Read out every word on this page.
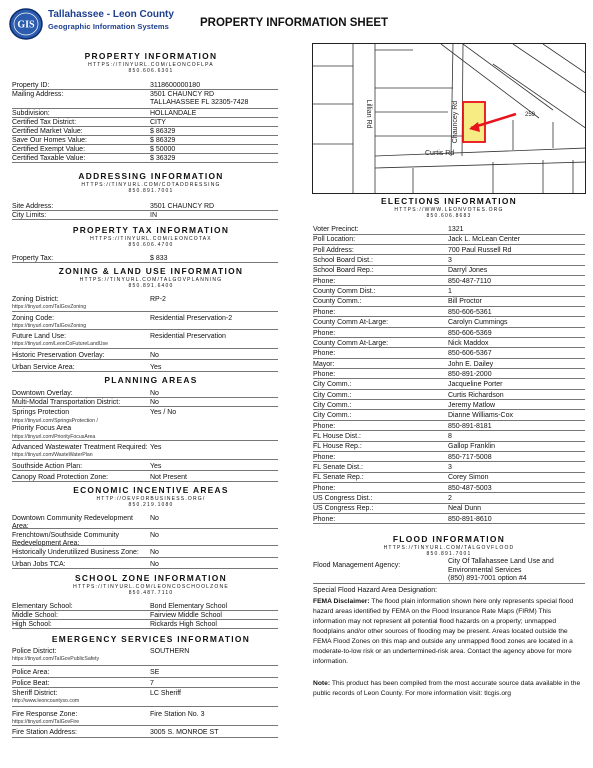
GIS
Tallahassee - Leon County
Geographic Information Systems	PROPERTY INFORMATION SHEET
Lillian Rd	Chauncey Rd
Curtis Rd
259
FEMA Disclaimer: The flood plain information shown here only represents special flood hazard areas identified by FEMA on the Flood Insurance Rate Maps (FIRM) This information may not represent all potential flood hazards on a property; unmapped floodplains and/or other sources of flooding may be present. Areas located outside the FEMA Flood Zones on this map and outside any unmapped flood zones are located in a moderate-to-low risk or an undertermined-risk area. Contact the agency above for more information.
Note: This product has been compiled from the most accurate source data available in the public records of Leon County. For more information visit: tlcgis.org
PROPERTY INFORMATION
HTTPS://TINYURL.COM/LEONCOFLPA
850.606.6301
Property ID:	3118600000180
Mailing Address:	3501 CHAUNCY RD
TALLAHASSEE FL 32305-7428
Subdivision:	HOLLANDALE
Certified Tax District:	CITY
Certified Market Value:	$ 86329
Save Our Homes Value:	$ 86329
Certified Exempt Value:	$ 50000
Certified Taxable Value:	$ 36329
ADDRESSING INFORMATION
HTTPS://TINYURL.COM/COTADDRESSING
850.891.7001
Site Address:	3501 CHAUNCY RD
City Limits:	IN
PROPERTY TAX INFORMATION
HTTPS://TINYURL.COM/LEONCOTAX
850.606.4700
Property Tax:	$ 833
ZONING & LAND USE INFORMATION
HTTPS://TINYURL.COM/TALGOVPLANNING
850.891.6400
Zoning District:	RP-2
https://tinyurl.com/TalGovZoning
Zoning Code:	Residential Preservation-2
https://tinyurl.com/TalGovZoning
Future Land Use:	Residential Preservation
https://tinyurl.com/LeonCoFutureLandUse
Historic Preservation Overlay:	No
Urban Service Area:	Yes
PLANNING AREAS
Downtown Overlay:	No
Multi-Modal Transportation District:	No
Springs Protection	Yes / No
Advanced Wastewater Treatment Required: Yes
Southside Action Plan:	Yes
Canopy Road Protection Zone:	Not Present
https://tinyurl.com/SpringsProtection /
Priority Focus Area
https://tinyurl.com/PriorityFocusArea
https://tinyurl.com/WasteWaterPlan
ECONOMIC INCENTIVE AREAS
HTTP://OEVFORBUSINESS.ORG/
850.219.1080
Downtown Community Redevelopment No
Area:
Frenchtown/Southside Community	No
Redevelopment Area:
Historically Underutilized Business Zone: No
Urban Jobs TCA:	No
SCHOOL ZONE INFORMATION
HTTPS://TINYURL.COM/LEONCOSCHOOLZONE
850.487.7110
Elementary School:	Bond Elementary School
Middle School:	Fairview Middle School
High School:	Rickards High School
EMERGENCY SERVICES INFORMATION
Police District:	SOUTHERN
https://tinyurl.com/TalGovPublicSafety
Police Area:	SE
Police Beat:	7
Sheriff District:	LC Sheriff
http://www.leoncountyso.com
Fire Response Zone:	Fire Station No. 3
https://tinyurl.com/TalGovFire
Fire Station Address:	3005 S. MONROE ST
ELECTIONS INFORMATION
HTTPS://WWW.LEONVOTES.ORG
850.606.8683
Voter Precinct:	1321
Poll Location:	Jack L. McLean Center
Poll Address:	700 Paul Russell Rd
School Board Dist.:	3
School Board Rep.:	Darryl Jones
Phone:	850-487-7110
County Comm Dist.:	1
County Comm.:	Bill Proctor
Phone:	850-606-5361
County Comm At-Large:	Carolyn Cummings
Phone:	850-606-5369
County Comm At-Large:	Nick Maddox
Phone:	850-606-5367
Mayor:	John E. Dailey
Phone:	850-891-2000
City Comm.:	Jacqueline Porter
City Comm.:	Curtis Richardson
City Comm.:	Jeremy Matlow
City Comm.:	Dianne Williams-Cox
Phone:	850-891-8181
FL House Dist.:	8
FL House Rep.:	Gallop Franklin
Phone:	850-717-5008
FL Senate Dist.:	3
FL Senate Rep.:	Corey Simon
Phone:	850-487-5003
US Congress Dist.:	2
US Congress Rep.:	Neal Dunn
Phone:	850-891-8610
FLOOD INFORMATION
HTTPS://TINYURL.COM/TALGOVFLOOD
850.891.7001
Flood Management Agency:
City Of Tallahassee Land Use and
Environmental Services
(850) 891-7001 option #4
Special Flood Hazard Area Designation:
